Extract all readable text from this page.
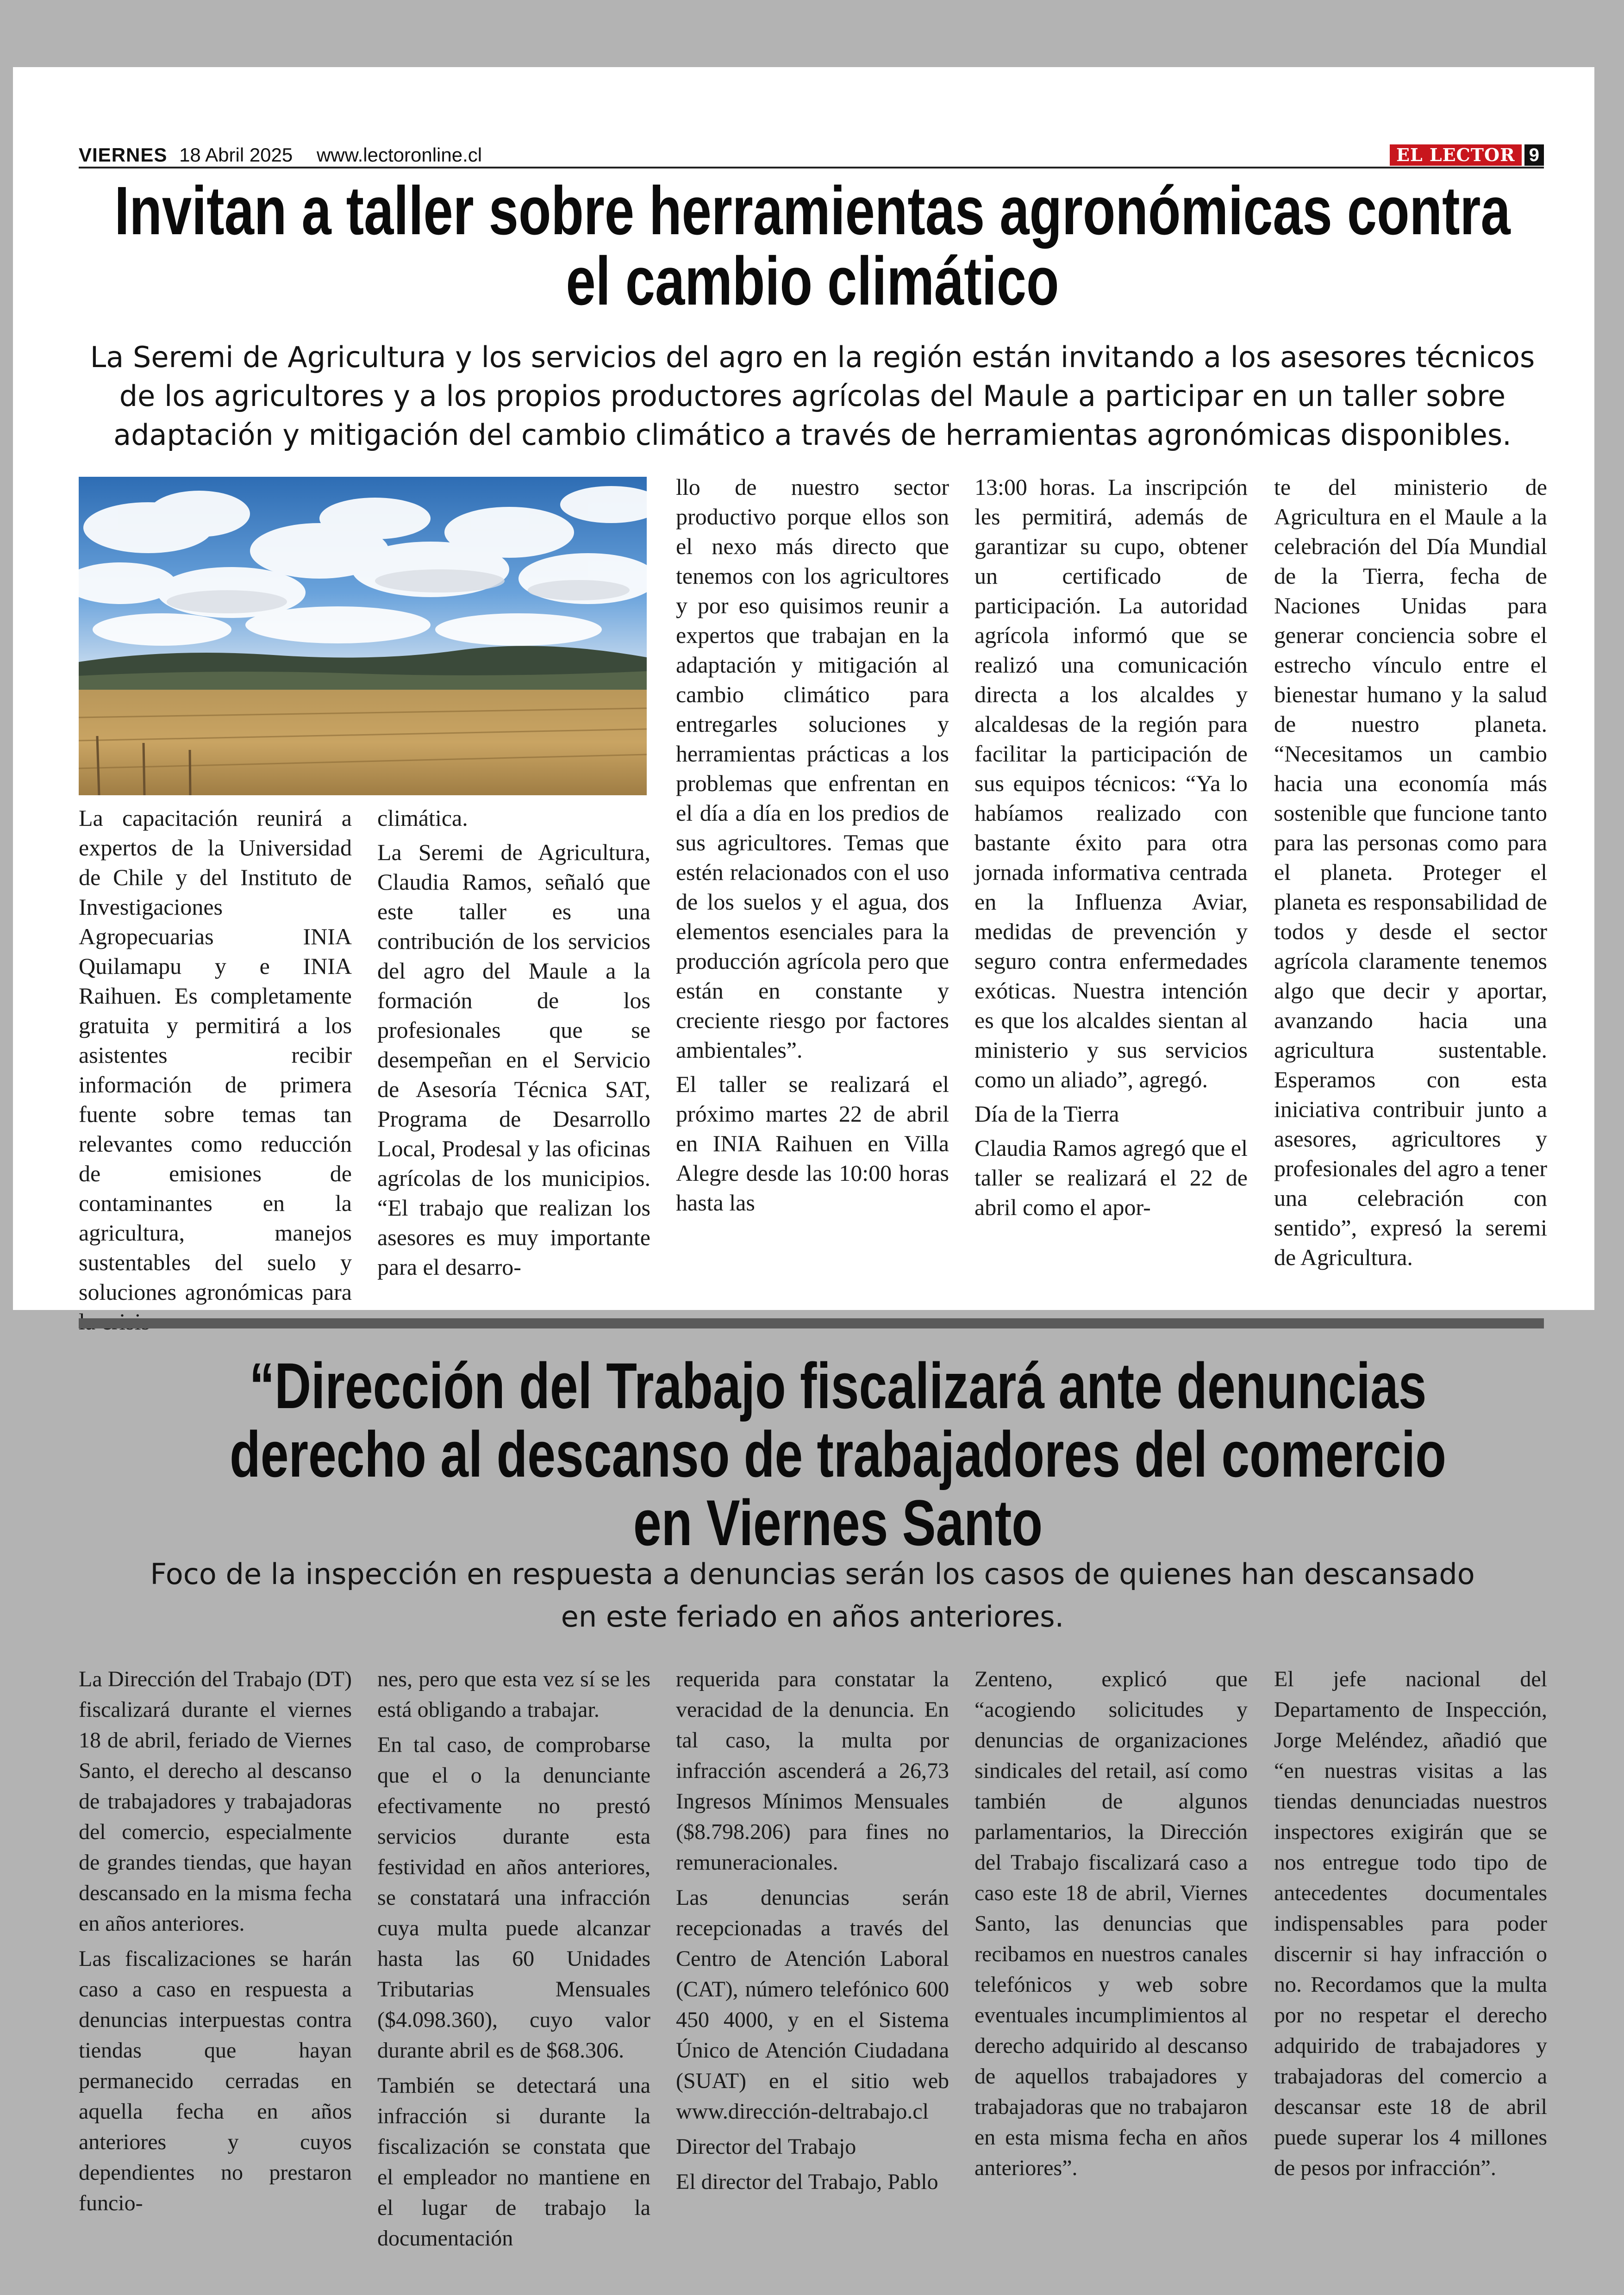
VIERNES 18 Abril 2025 www.lectoronline.cl	EL LECTOR 9
Invitan a taller sobre herramientas agronómicas contra
el cambio climático

La Seremi de Agricultura y los servicios del agro en la región están invitando a los asesores técnicos de los agricultores y a los propios productores agrícolas del Maule a participar en un taller sobre adaptación y mitigación del cambio climático a través de herramientas agronómicas disponibles.

La capacitación reunirá a expertos de la Universidad de Chile y del Instituto de Investigaciones Agropecuarias INIA Quilamapu y e INIA Raihuen. Es completamente gratuita y permitirá a los asistentes recibir información de primera fuente sobre temas tan relevantes como reducción de emisiones de contaminantes en la agricultura, manejos sustentables del suelo y soluciones agronómicas para

climática.

La Seremi de Agricultura, Claudia Ramos, señaló que este taller es una contribución de los servicios del agro del Maule a la formación de los profesionales que se desempeñan en el Servicio de Asesoría Técnica SAT, Programa de Desarrollo Local, Prodesal y las oficinas agrícolas de los municipios. “El trabajo que realizan los asesores es muy importante para el desarro-

llo de nuestro sector productivo porque ellos son el nexo más directo que tenemos con los agricultores y por eso quisimos reunir a expertos que trabajan en la adaptación y mitigación al cambio climático para entregarles soluciones y herramientas prácticas a los problemas que enfrentan en el día a día en los predios de sus agricultores. Temas que estén relacionados con el uso de los suelos y el agua, dos elementos esenciales para la producción agrícola pero que están en constante y creciente riesgo por factores ambientales”.

El taller se realizará el próximo martes 22 de abril en INIA Raihuen en Villa Alegre desde las 10:00 horas hasta las

13:00 horas. La inscripción les permitirá, además de garantizar su cupo, obtener un certificado de participación. La autoridad agrícola informó que se realizó una comunicación directa a los alcaldes y alcaldesas de la región para facilitar la participación de sus equipos técnicos: “Ya lo habíamos realizado con bastante éxito para otra jornada informativa centrada en la Influenza Aviar, medidas de prevención y seguro contra enfermedades exóticas. Nuestra intención es que los alcaldes sientan al ministerio y sus servicios como un aliado”, agregó.

Día de la Tierra

Claudia Ramos agregó que el taller se realizará el 22 de abril como el apor-

te del ministerio de Agricultura en el Maule a la celebración del Día Mundial de la Tierra, fecha de Naciones Unidas para generar conciencia sobre el estrecho vínculo entre el bienestar humano y la salud de nuestro planeta. “Necesitamos un cambio hacia una economía más sostenible que funcione tanto para las personas como para el planeta. Proteger el planeta es responsabilidad de todos y desde el sector agrícola claramente tenemos algo que decir y aportar, avanzando hacia una agricultura sustentable. Esperamos con esta iniciativa contribuir junto a asesores, agricultores y profesionales del agro a tener una celebración con sentido”, expresó la seremi de Agricultura.

“Dirección del Trabajo fiscalizará ante denuncias
derecho al descanso de trabajadores del comercio
en Viernes Santo

Foco de la inspección en respuesta a denuncias serán los casos de quienes han descansado en este feriado en años anteriores.

La Dirección del Trabajo (DT) fiscalizará durante el viernes 18 de abril, feriado de Viernes Santo, el derecho al descanso de trabajadores y trabajadoras del comercio, especialmente de grandes tiendas, que hayan descansado en la misma fecha en años anteriores.

Las fiscalizaciones se harán caso a caso en respuesta a denuncias interpuestas contra tiendas que hayan permanecido cerradas en aquella fecha en años anteriores y cuyos dependientes no prestaron funcio-

nes, pero que esta vez sí se les está obligando a trabajar.

En tal caso, de comprobarse que el o la denunciante efectivamente no prestó servicios durante esta festividad en años anteriores, se constatará una infracción cuya multa puede alcanzar hasta las 60 Unidades Tributarias Mensuales ($4.098.360), cuyo valor durante abril es de $68.306.

También se detectará una infracción si durante la fiscalización se constata que el empleador no mantiene en el lugar de trabajo la documentación

requerida para constatar la veracidad de la denuncia. En tal caso, la multa por infracción ascenderá a 26,73 Ingresos Mínimos Mensuales ($8.798.206) para fines no remuneracionales.

Las denuncias serán recepcionadas a través del Centro de Atención Laboral (CAT), número telefónico 600 450 4000, y en el Sistema Único de Atención Ciudadana (SUAT) en el sitio web www.dirección-deltrabajo.cl

Director del Trabajo

El director del Trabajo, Pablo

Zenteno, explicó que “acogiendo solicitudes y denuncias de organizaciones sindicales del retail, así como también de algunos parlamentarios, la Dirección del Trabajo fiscalizará caso a caso este 18 de abril, Viernes Santo, las denuncias que recibamos en nuestros canales telefónicos y web sobre eventuales incumplimientos al derecho adquirido al descanso de aquellos trabajadores y trabajadoras que no trabajaron en esta misma fecha en años anteriores”.

El jefe nacional del Departamento de Inspección, Jorge Meléndez, añadió que “en nuestras visitas a las tiendas denunciadas nuestros inspectores exigirán que se nos entregue todo tipo de antecedentes documentales indispensables para poder discernir si hay infracción o no. Recordamos que la multa por no respetar el derecho adquirido de trabajadores y trabajadoras del comercio a descansar este 18 de abril puede superar los 4 millones de pesos por infracción”.
